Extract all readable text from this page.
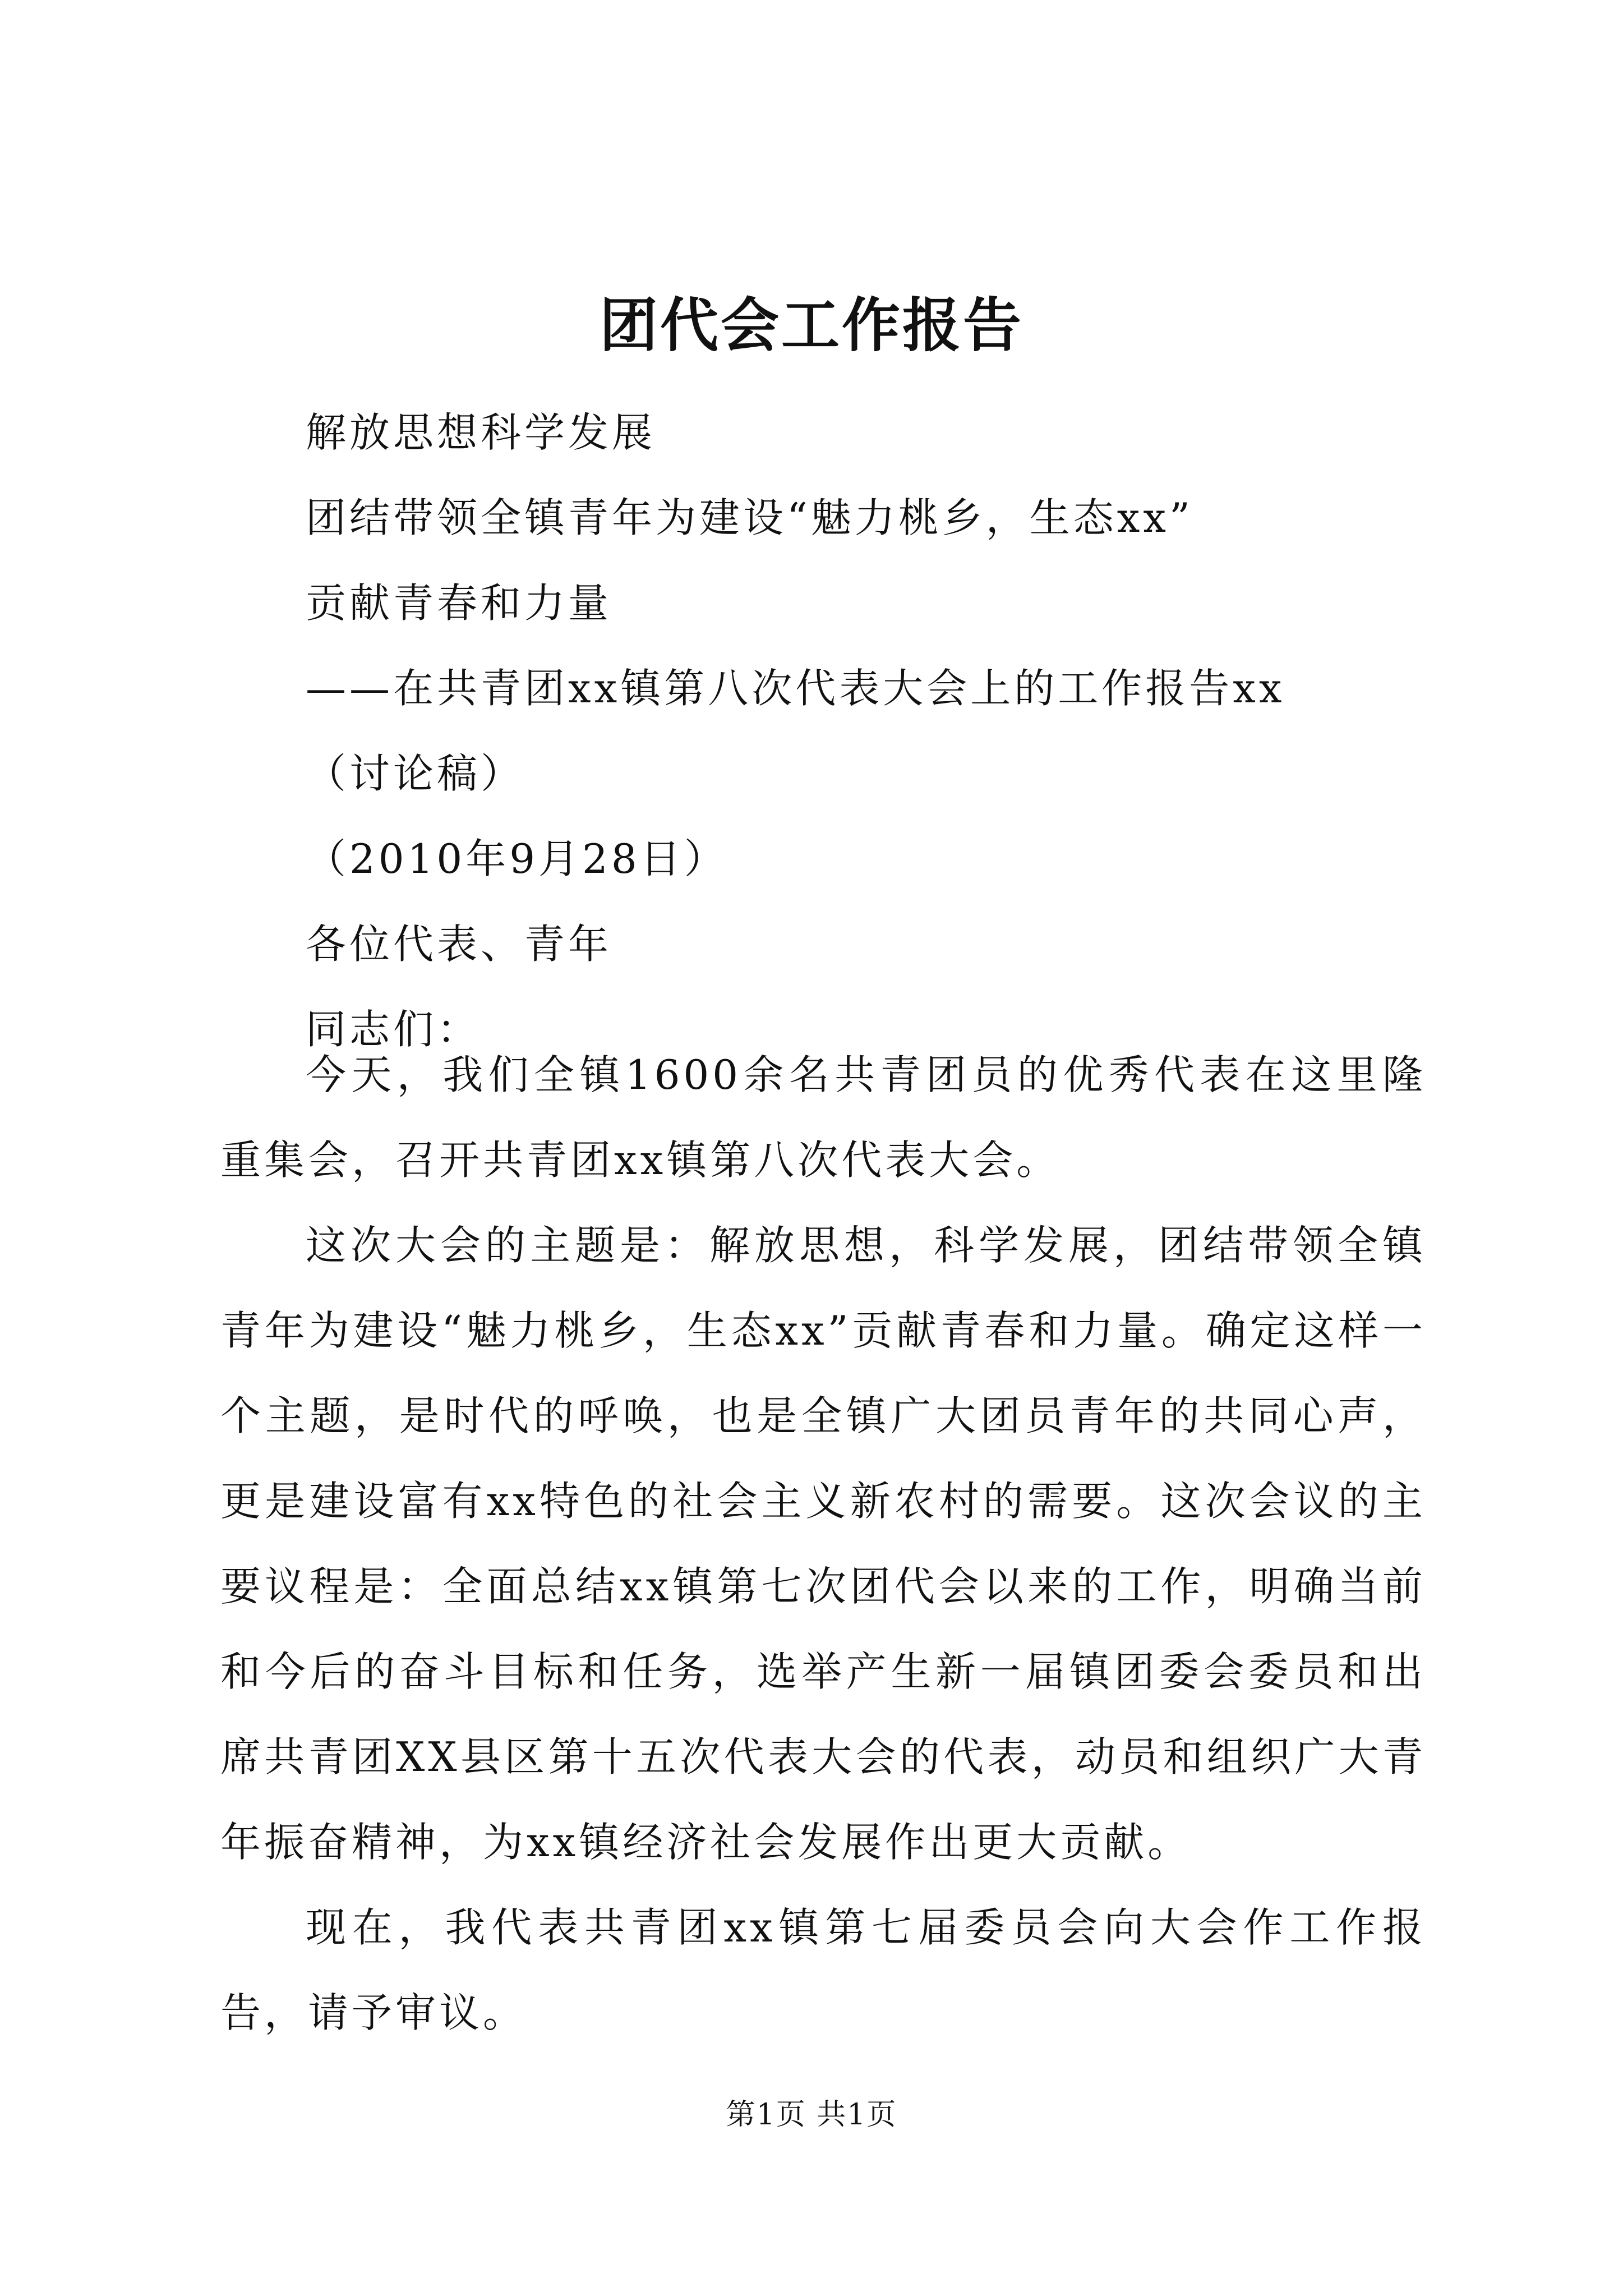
团代会工作报告
解放思想科学发展
团结带领全镇青年为建设“魅力桃乡，生态xx”
贡献青春和力量
——在共青团xx镇第八次代表大会上的工作报告xx
（讨论稿）
（2010年9月28日）
各位代表、青年
同志们：

今天，我们全镇1600余名共青团员的优秀代表在这里隆重集会，召开共青团xx镇第八次代表大会。

这次大会的主题是：解放思想，科学发展，团结带领全镇青年为建设“魅力桃乡，生态xx”贡献青春和力量。确定这样一个主题，是时代的呼唤，也是全镇广大团员青年的共同心声，更是建设富有xx特色的社会主义新农村的需要。这次会议的主要议程是：全面总结xx镇第七次团代会以来的工作，明确当前和今后的奋斗目标和任务，选举产生新一届镇团委会委员和出席共青团XX县区第十五次代表大会的代表，动员和组织广大青年振奋精神，为xx镇经济社会发展作出更大贡献。

现在，我代表共青团xx镇第七届委员会向大会作工作报告，请予审议。

第1页 共1页
